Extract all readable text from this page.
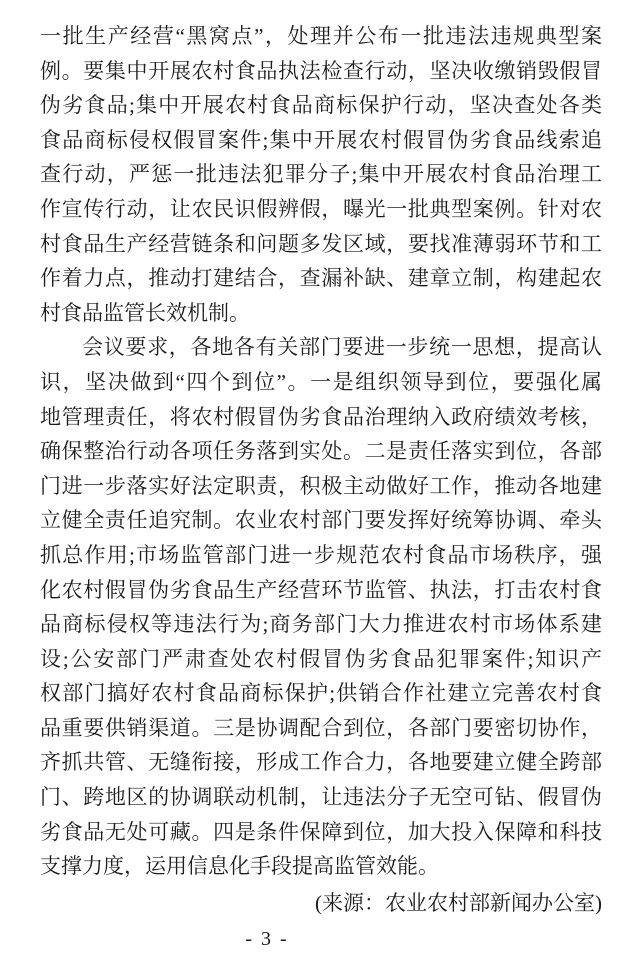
一批生产经营“黑窝点”，处理并公布一批违法违规典型案
例。要集中开展农村食品执法检查行动，坚决收缴销毁假冒
伪劣食品;集中开展农村食品商标保护行动，坚决查处各类
食品商标侵权假冒案件;集中开展农村假冒伪劣食品线索追
查行动，严惩一批违法犯罪分子;集中开展农村食品治理工
作宣传行动，让农民识假辨假，曝光一批典型案例。针对农
村食品生产经营链条和问题多发区域，要找准薄弱环节和工
作着力点，推动打建结合，查漏补缺、建章立制，构建起农
村食品监管长效机制。
会议要求，各地各有关部门要进一步统一思想，提高认
识，坚决做到“四个到位”。一是组织领导到位，要强化属
地管理责任，将农村假冒伪劣食品治理纳入政府绩效考核，
确保整治行动各项任务落到实处。二是责任落实到位，各部
门进一步落实好法定职责，积极主动做好工作，推动各地建
立健全责任追究制。农业农村部门要发挥好统筹协调、牵头
抓总作用;市场监管部门进一步规范农村食品市场秩序，强
化农村假冒伪劣食品生产经营环节监管、执法，打击农村食
品商标侵权等违法行为;商务部门大力推进农村市场体系建
设;公安部门严肃查处农村假冒伪劣食品犯罪案件;知识产
权部门搞好农村食品商标保护;供销合作社建立完善农村食
品重要供销渠道。三是协调配合到位，各部门要密切协作，
齐抓共管、无缝衔接，形成工作合力，各地要建立健全跨部
门、跨地区的协调联动机制，让违法分子无空可钻、假冒伪
劣食品无处可藏。四是条件保障到位，加大投入保障和科技
支撑力度，运用信息化手段提高监管效能。
(来源：农业农村部新闻办公室)
- 3 -
